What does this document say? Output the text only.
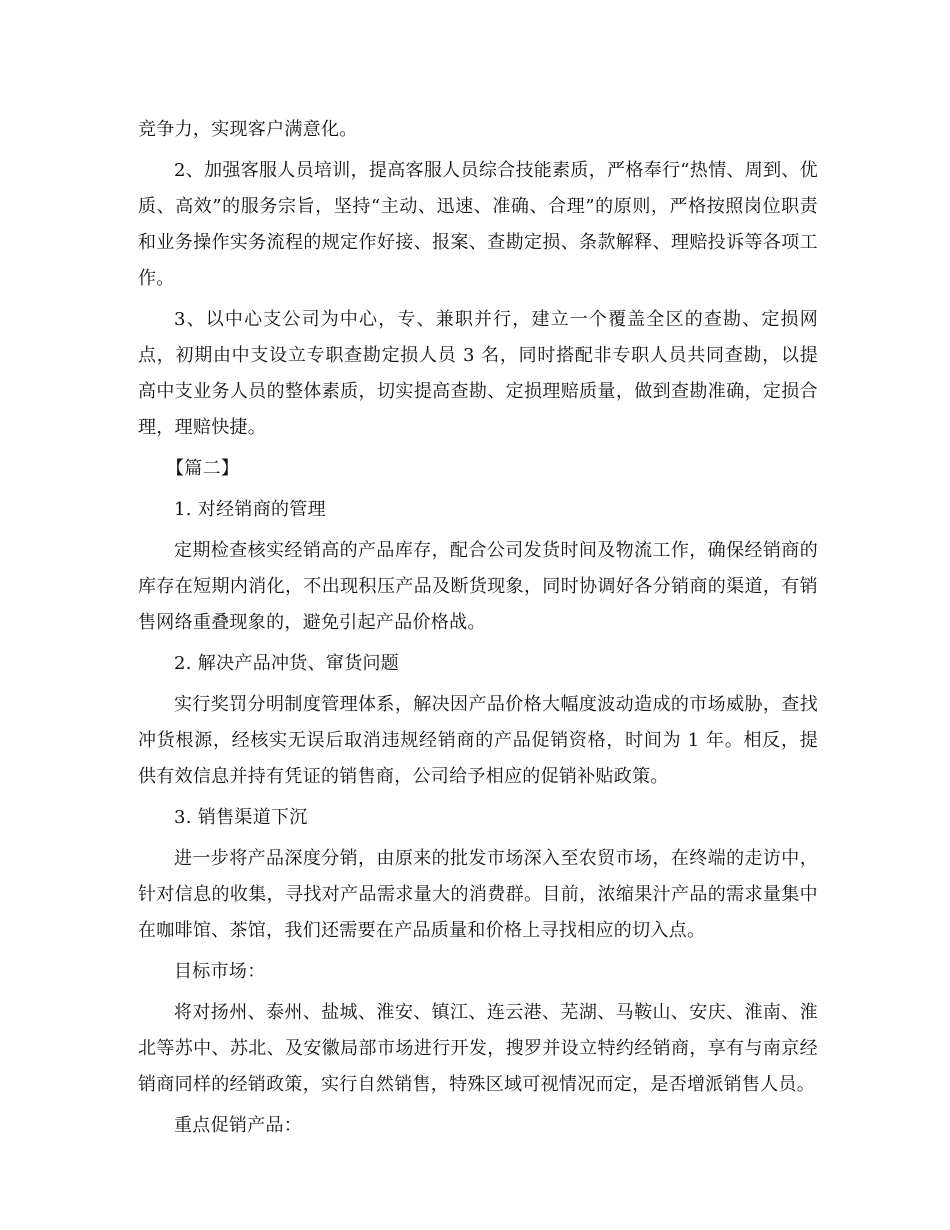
竞争力，实现客户满意化。

2、加强客服人员培训，提高客服人员综合技能素质，严格奉行“热情、周到、优质、高效”的服务宗旨，坚持“主动、迅速、准确、合理”的原则，严格按照岗位职责和业务操作实务流程的规定作好接、报案、查勘定损、条款解释、理赔投诉等各项工作。

3、以中心支公司为中心，专、兼职并行，建立一个覆盖全区的查勘、定损网点，初期由中支设立专职查勘定损人员 3 名，同时搭配非专职人员共同查勘，以提高中支业务人员的整体素质，切实提高查勘、定损理赔质量，做到查勘准确，定损合理，理赔快捷。

【篇二】

1. 对经销商的管理

定期检查核实经销高的产品库存，配合公司发货时间及物流工作，确保经销商的库存在短期内消化，不出现积压产品及断货现象，同时协调好各分销商的渠道，有销售网络重叠现象的，避免引起产品价格战。

2. 解决产品冲货、窜货问题

实行奖罚分明制度管理体系，解决因产品价格大幅度波动造成的市场威胁，查找冲货根源，经核实无误后取消违规经销商的产品促销资格，时间为 1 年。相反，提供有效信息并持有凭证的销售商，公司给予相应的促销补贴政策。

3. 销售渠道下沉

进一步将产品深度分销，由原来的批发市场深入至农贸市场，在终端的走访中，针对信息的收集，寻找对产品需求量大的消费群。目前，浓缩果汁产品的需求量集中在咖啡馆、茶馆，我们还需要在产品质量和价格上寻找相应的切入点。

目标市场：

将对扬州、泰州、盐城、淮安、镇江、连云港、芜湖、马鞍山、安庆、淮南、淮北等苏中、苏北、及安徽局部市场进行开发，搜罗并设立特约经销商，享有与南京经销商同样的经销政策，实行自然销售，特殊区域可视情况而定，是否增派销售人员。

重点促销产品：
